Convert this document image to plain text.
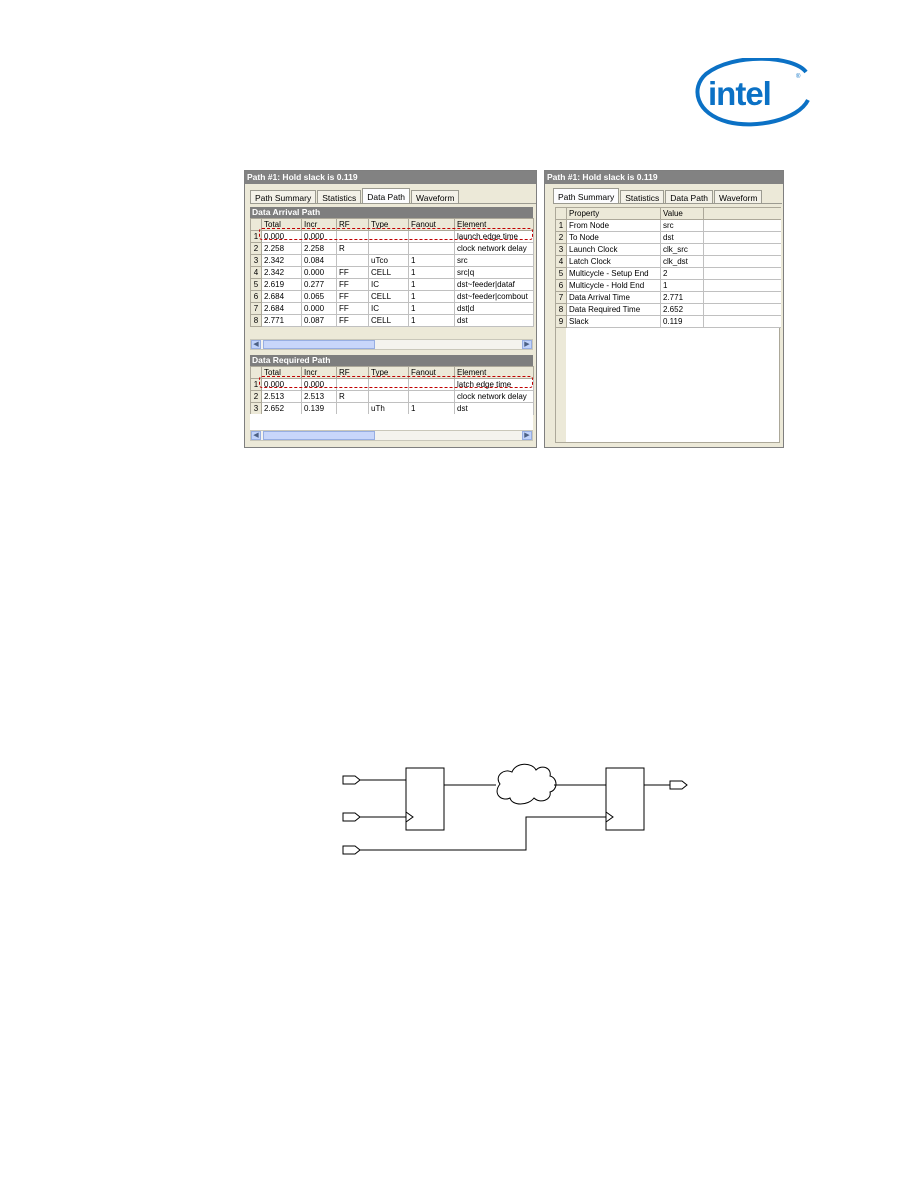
intel	®
Path #1: Hold slack is 0.119
Path Summary	Statistics	Data Path	Waveform
Data Arrival Path
	Total	Incr	RF	Type	Fanout	Element
1	0.000	0.000				launch edge time
2	2.258	2.258	R			clock network delay
3	2.342	0.084		uTco	1	src
4	2.342	0.000	FF	CELL	1	src|q
5	2.619	0.277	FF	IC	1	dst~feeder|dataf
6	2.684	0.065	FF	CELL	1	dst~feeder|combout
7	2.684	0.000	FF	IC	1	dst|d
8	2.771	0.087	FF	CELL	1	dst
◀	▶
Data Required Path
	Total	Incr	RF	Type	Fanout	Element
1	0.000	0.000				latch edge time
2	2.513	2.513	R			clock network delay
3	2.652	0.139		uTh	1	dst
◀	▶
Path #1: Hold slack is 0.119
Path Summary	Statistics	Data Path	Waveform
	Property	Value	
1	From Node	src	
2	To Node	dst	
3	Launch Clock	clk_src	
4	Latch Clock	clk_dst	
5	Multicycle - Setup End	2	
6	Multicycle - Hold End	1	
7	Data Arrival Time	2.771	
8	Data Required Time	2.652	
9	Slack	0.119	
